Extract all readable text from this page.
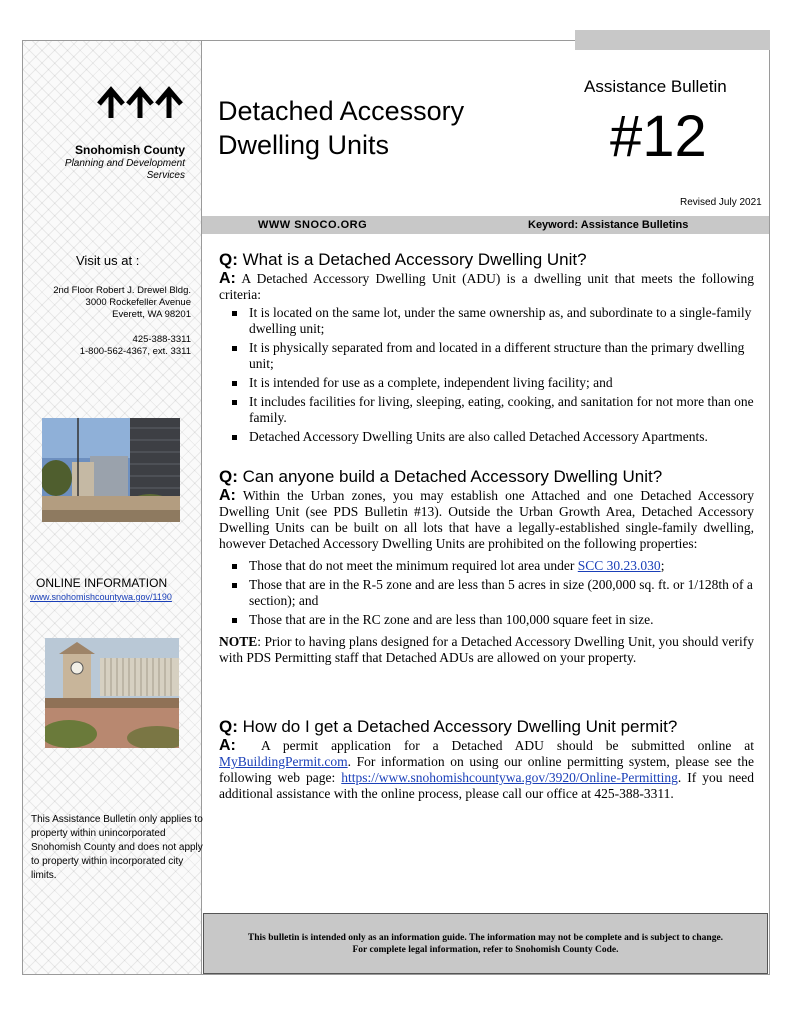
Snohomish County
Planning and Development Services
Visit us at :
2nd Floor Robert J. Drewel Bldg.
3000 Rockefeller Avenue
Everett, WA 98201
425-388-3311
1-800-562-4367, ext. 3311
ONLINE INFORMATION
www.snohomishcountywa.gov/1190
This Assistance Bulletin only applies to property within unincorporated Snohomish County and does not apply to property within incorporated city limits.
Detached Accessory
Dwelling Units
Assistance Bulletin
#12
Revised July 2021
WWW SNOCO.ORG	Keyword: Assistance Bulletins

Q: What is a Detached Accessory Dwelling Unit?

A: A Detached Accessory Dwelling Unit (ADU) is a dwelling unit that meets the following criteria:

It is located on the same lot, under the same ownership as, and subordinate to a single-family dwelling unit;
It is physically separated from and located in a different structure than the primary dwelling unit;
It is intended for use as a complete, independent living facility; and
It includes facilities for living, sleeping, eating, cooking, and sanitation for not more than one family.
Detached Accessory Dwelling Units are also called Detached Accessory Apartments.

Q: Can anyone build a Detached Accessory Dwelling Unit?

A: Within the Urban zones, you may establish one Attached and one Detached Accessory Dwelling Unit (see PDS Bulletin #13). Outside the Urban Growth Area, Detached Accessory Dwelling Units can be built on all lots that have a legally-established single-family dwelling, however Detached Accessory Dwelling Units are prohibited on the following properties:

Those that do not meet the minimum required lot area under SCC 30.23.030;
Those that are in the R-5 zone and are less than 5 acres in size (200,000 sq. ft. or 1/128th of a section); and
Those that are in the RC zone and are less than 100,000 square feet in size.

NOTE: Prior to having plans designed for a Detached Accessory Dwelling Unit, you should verify with PDS Permitting staff that Detached ADUs are allowed on your property.

Q: How do I get a Detached Accessory Dwelling Unit permit?

A: A permit application for a Detached ADU should be submitted online at MyBuildingPermit.com. For information on using our online permitting system, please see the following web page: https://www.snohomishcountywa.gov/3920/Online-Permitting. If you need additional assistance with the online process, please call our office at 425-388-3311.

This bulletin is intended only as an information guide. The information may not be complete and is subject to change.
For complete legal information, refer to Snohomish County Code.
